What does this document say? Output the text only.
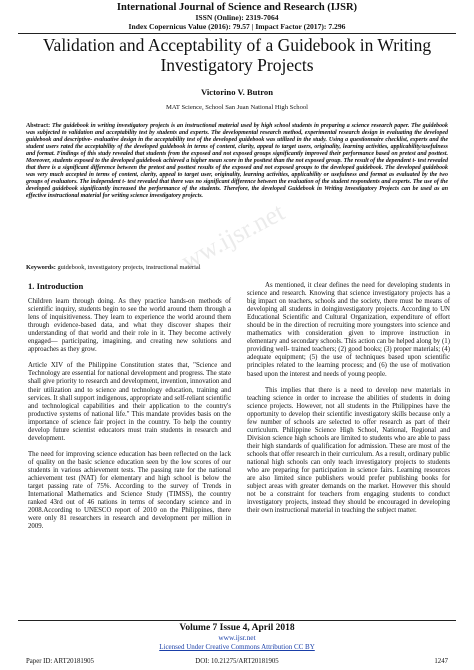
International Journal of Science and Research (IJSR)
ISSN (Online): 2319-7064
Index Copernicus Value (2016): 79.57 | Impact Factor (2017): 7.296
Validation and Acceptability of a Guidebook in Writing Investigatory Projects
Victorino V. Butron
MAT Science, School San Juan National High School
ww.ijsr.net
Abstract: The guidebook in writing investigatory projects is an instructional material used by high school students in preparing a science research paper. The guidebook was subjected to validation and acceptability test by students and experts. The developmental research method, experimental research design in evaluating the developed guidebook and descriptive- evaluative design in the acceptability test of the developed guidebook was utilized in the study. Using a questionnaire checklist, experts and the student users rated the acceptability of the developed guidebook in terms of content, clarity, appeal to target users, originality, learning activities, applicability/usefulness and format. Findings of this study revealed that students from the exposed and not exposed groups significantly improved their performance based on pretest and posttest. Moreover, students exposed to the developed guidebook achieved a higher mean score in the posttest than the not exposed group. The result of the dependent t- test revealed that there is a significant difference between the pretest and posttest results of the exposed and not exposed groups to the developed guidebook. The developed guidebook was very much accepted in terms of content, clarity, appeal to target user, originality, learning activities, applicability or usefulness and format as evaluated by the two groups of evaluators. The independent t- test revealed that there was no significant difference between the evaluation of the student respondents and experts. The use of the developed guidebook significantly increased the performance of the students. Therefore, the developed Guidebook in Writing Investigatory Projects can be used as an effective instructional material for writing science investigatory projects.
Keywords: guidebook, investigatory projects, instructional material
1. Introduction

Children learn through doing. As they practice hands-on methods of scientific inquiry, students begin to see the world around them through a lens of inquisitiveness. They learn to experience the world around them through evidence-based data, and what they discover shapes their understanding of that world and their role in it. They become actively engaged— participating, imagining, and creating new solutions and approaches as they grow.

Article XIV of the Philippine Constitution states that, "Science and Technology are essential for national development and progress. The state shall give priority to research and development, invention, innovation and their utilization and to science and technology education, training and services. It shall support indigenous, appropriate and self-reliant scientific and technological capabilities and their application to the country's productive systems of national life." This mandate provides basis on the importance of science fair project in the country. To help the country develop future scientist educators must train students in research and development.

The need for improving science education has been reflected on the lack of quality on the basic science education seen by the low scores of our students in various achievement tests. The passing rate for the national achievement test (NAT) for elementary and high school is below the target passing rate of 75%. According to the survey of Trends in International Mathematics and Science Study (TIMSS), the country ranked 43rd out of 46 nations in terms of secondary science and in 2008.According to UNESCO report of 2010 on the Philippines, there were only 81 researchers in research and development per million in 2009.

As mentioned, it clear defines the need for developing students in science and research. Knowing that science investigatory projects has a big impact on teachers, schools and the society, there must be means of developing all students in doinginvestigatory projects. According to UN Educational Scientific and Cultural Organization, expenditure of effort should be in the direction of recruiting more youngsters into science and mathematics with consideration given to improve instruction in elementary and secondary schools. This action can be helped along by (1) providing well- trained teachers; (2) good books; (3) proper materials; (4) adequate equipment; (5) the use of techniques based upon scientific principles related to the learning process; and (6) the use of motivation based upon the interest and needs of young people.

This implies that there is a need to develop new materials in teaching science in order to increase the abilities of students in doing science projects. However, not all students in the Philippines have the opportunity to develop their scientific investigatory skills because only a few number of schools are selected to offer research as part of their curriculum. Philippine Science High School, National, Regional and Division science high schools are limited to students who are able to pass their high standards of qualification for admission. These are most of the schools that offer research in their curriculum. As a result, ordinary public national high schools can only teach investigatory projects to students who are preparing for participation in science fairs. Learning resources are also limited since publishers would prefer publishing books for subject areas with greater demands on the market. However this should not be a constraint for teachers from engaging students to conduct investigatory projects, instead they should be encouraged in developing their own instructional material in teaching the subject matter.

Volume 7 Issue 4, April 2018
www.ijsr.net
Licensed Under Creative Commons Attribution CC BY
Paper ID: ART20181905	DOI: 10.21275/ART20181905	1247
